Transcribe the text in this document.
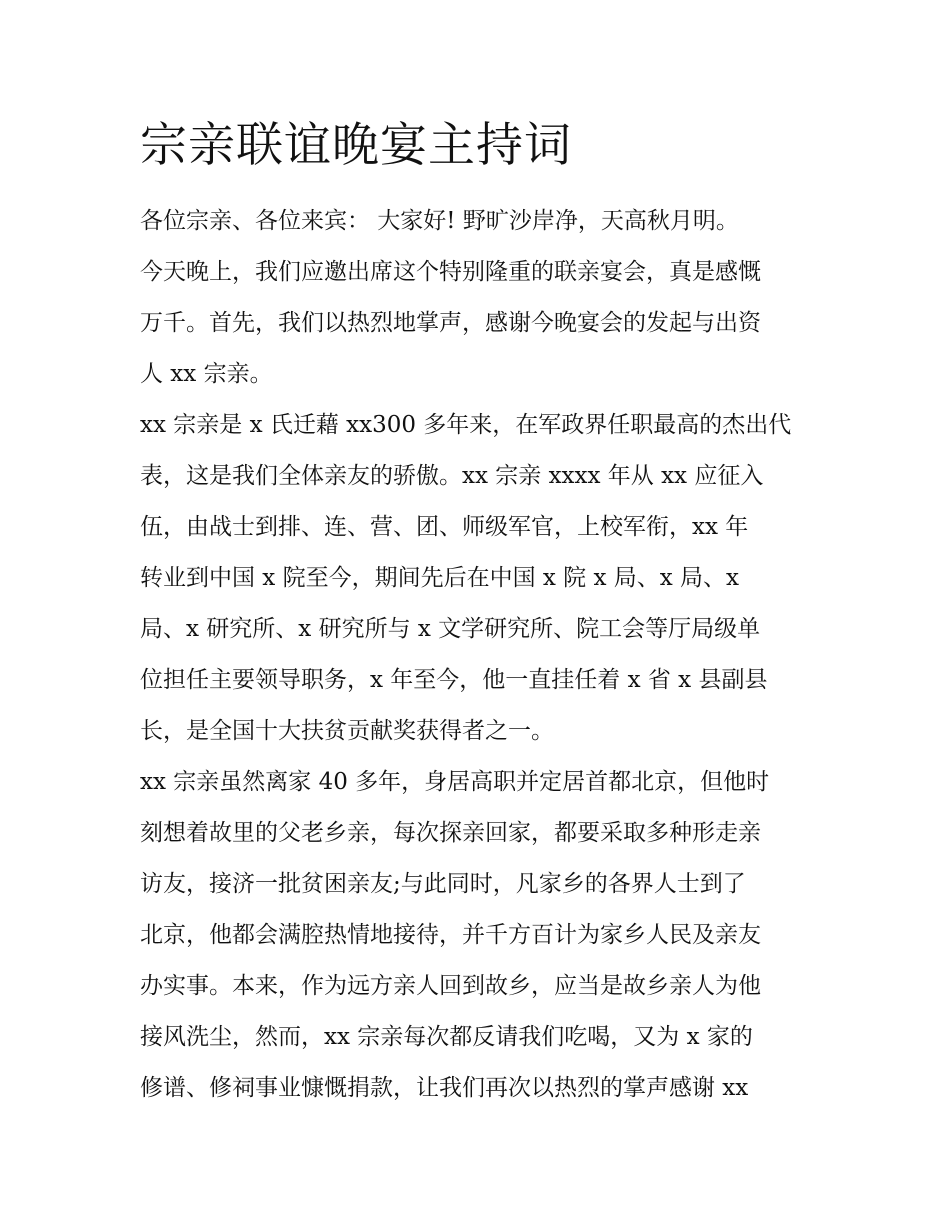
宗亲联谊晚宴主持词

各位宗亲、各位来宾： 大家好! 野旷沙岸净，天高秋月明。

今天晚上，我们应邀出席这个特别隆重的联亲宴会，真是感慨

万千。首先，我们以热烈地掌声，感谢今晚宴会的发起与出资

人 xx 宗亲。

xx 宗亲是 x 氏迁藉 xx300 多年来，在军政界任职最高的杰出代

表，这是我们全体亲友的骄傲。xx 宗亲 xxxx 年从 xx 应征入

伍，由战士到排、连、营、团、师级军官，上校军衔，xx 年

转业到中国 x 院至今，期间先后在中国 x 院 x 局、x 局、x

局、x 研究所、x 研究所与 x 文学研究所、院工会等厅局级单

位担任主要领导职务，x 年至今，他一直挂任着 x 省 x 县副县

长，是全国十大扶贫贡献奖获得者之一。

xx 宗亲虽然离家 40 多年，身居高职并定居首都北京，但他时

刻想着故里的父老乡亲，每次探亲回家，都要采取多种形走亲

访友，接济一批贫困亲友;与此同时，凡家乡的各界人士到了

北京，他都会满腔热情地接待，并千方百计为家乡人民及亲友

办实事。本来，作为远方亲人回到故乡，应当是故乡亲人为他

接风洗尘，然而，xx 宗亲每次都反请我们吃喝，又为 x 家的

修谱、修祠事业慷慨捐款，让我们再次以热烈的掌声感谢 xx
